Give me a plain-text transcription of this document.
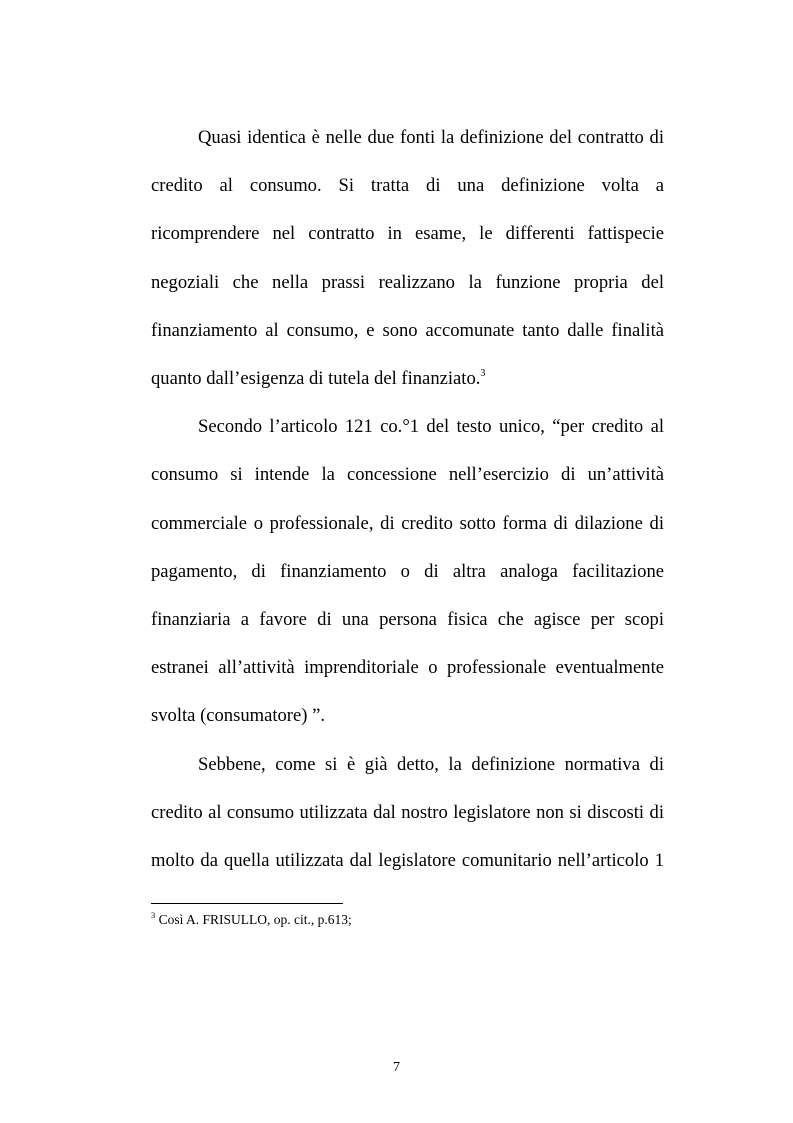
Quasi identica è nelle due fonti la definizione del contratto di credito al consumo. Si tratta di una definizione volta a ricomprendere nel contratto in esame, le differenti fattispecie negoziali che nella prassi realizzano la funzione propria del finanziamento al consumo, e sono accomunate tanto dalle finalità quanto dall’esigenza di tutela del finanziato.$^3$

Secondo l’articolo 121 co.°1 del testo unico, “per credito al consumo si intende la concessione nell’esercizio di un’attività commerciale o professionale, di credito sotto forma di dilazione di pagamento, di finanziamento o di altra analoga facilitazione finanziaria a favore di una persona fisica che agisce per scopi estranei all’attività imprenditoriale o professionale eventualmente svolta (consumatore) ”.

Sebbene, come si è già detto, la definizione normativa di credito al consumo utilizzata dal nostro legislatore non si discosti di molto da quella utilizzata dal legislatore comunitario nell’articolo 1

$^3$ Così A. FRISULLO, op. cit., p.613;

7
